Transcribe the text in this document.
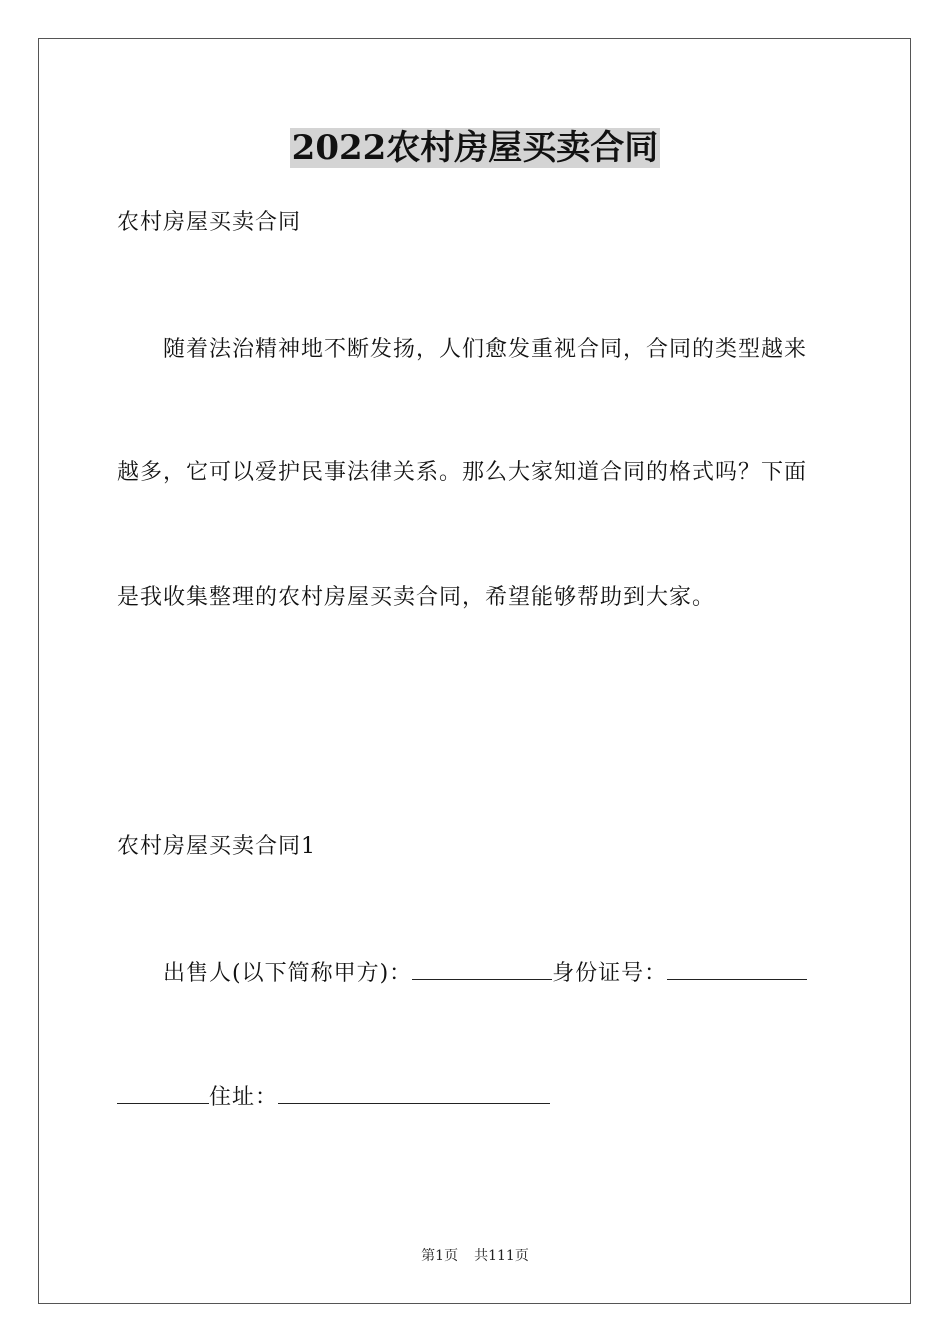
2022农村房屋买卖合同
农村房屋买卖合同
随着法治精神地不断发扬，人们愈发重视合同，合同的类型越来
越多，它可以爱护民事法律关系。那么大家知道合同的格式吗？下面
是我收集整理的农村房屋买卖合同，希望能够帮助到大家。
农村房屋买卖合同1
出售人(以下简称甲方)：	身份证号：
住址：
第1页 共111页
